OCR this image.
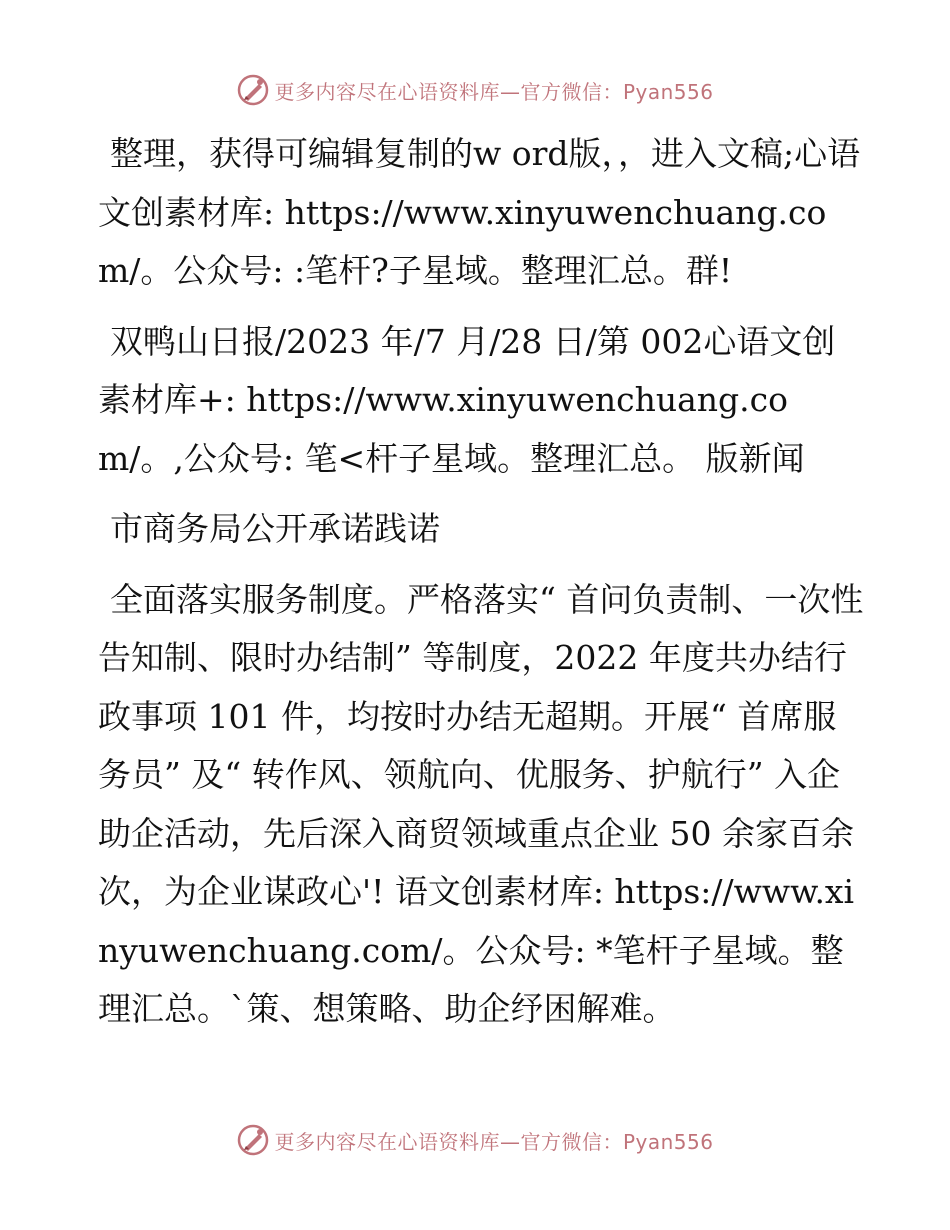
更多内容尽在心语资料库—官方微信：Pyan556

整理，获得可编辑复制的w ord版，，进入文稿;心语文创素材库: https://www.xinyuwenchuang.com/。公众号: :笔杆?子星域。整理汇总。群!

双鸭山日报/2023 年/7 月/28 日/第 002心语文创素材库+: https://www.xinyuwenchuang.com/。,公众号: 笔<杆子星域。整理汇总。 版新闻

市商务局公开承诺践诺

全面落实服务制度。严格落实“ 首问负责制、一次性告知制、限时办结制” 等制度，2022 年度共办结行政事项 101 件，均按时办结无超期。开展“ 首席服务员” 及“ 转作风、领航向、优服务、护航行” 入企助企活动，先后深入商贸领域重点企业 50 余家百余次，为企业谋政心'! 语文创素材库: https://www.xinyuwenchuang.com/。公众号: *笔杆子星域。整理汇总。`策、想策略、助企纾困解难。

更多内容尽在心语资料库—官方微信：Pyan556
